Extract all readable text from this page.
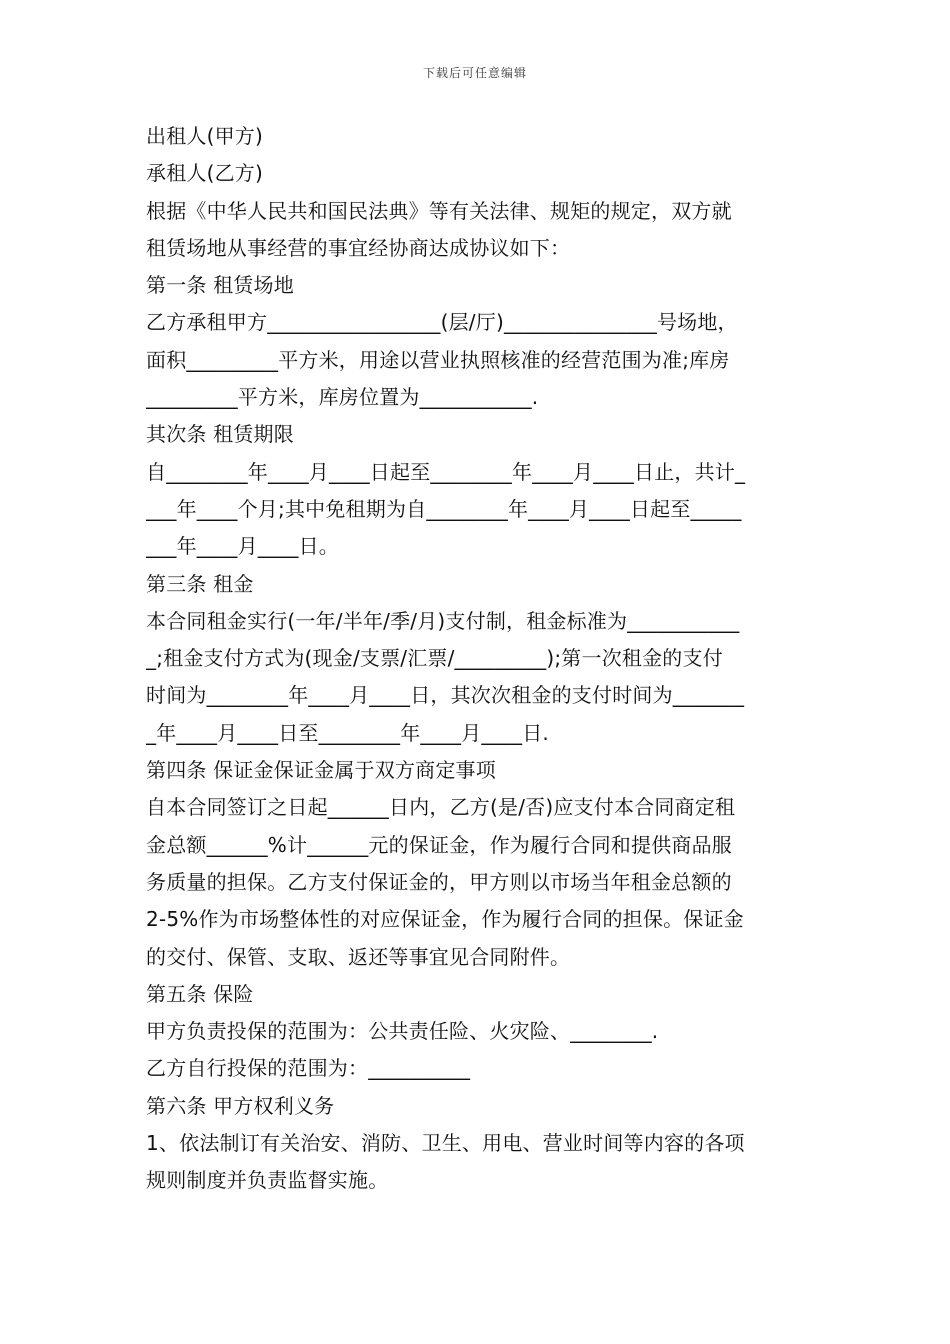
下载后可任意编辑
出租人(甲方)
承租人(乙方)
根据《中华人民共和国民法典》等有关法律、规矩的规定，双方就
租赁场地从事经营的事宜经协商达成协议如下：
第一条 租赁场地
乙方承租甲方_________________(层/厅)_______________号场地，
面积_________平方米，用途以营业执照核准的经营范围为准;库房
_________平方米，库房位置为___________.
其次条 租赁期限
自________年____月____日起至________年____月____日止，共计_
___年____个月;其中免租期为自________年____月____日起至_____
___年____月____日。
第三条 租金
本合同租金实行(一年/半年/季/月)支付制，租金标准为___________
_;租金支付方式为(现金/支票/汇票/_________);第一次租金的支付
时间为________年____月____日，其次次租金的支付时间为_______
_年____月____日至________年____月____日.
第四条 保证金保证金属于双方商定事项
自本合同签订之日起______日内，乙方(是/否)应支付本合同商定租
金总额______%计______元的保证金，作为履行合同和提供商品服
务质量的担保。乙方支付保证金的，甲方则以市场当年租金总额的
2-5%作为市场整体性的对应保证金，作为履行合同的担保。保证金
的交付、保管、支取、返还等事宜见合同附件。
第五条 保险
甲方负责投保的范围为：公共责任险、火灾险、________.
乙方自行投保的范围为：__________
第六条 甲方权利义务
1、依法制订有关治安、消防、卫生、用电、营业时间等内容的各项
规则制度并负责监督实施。
